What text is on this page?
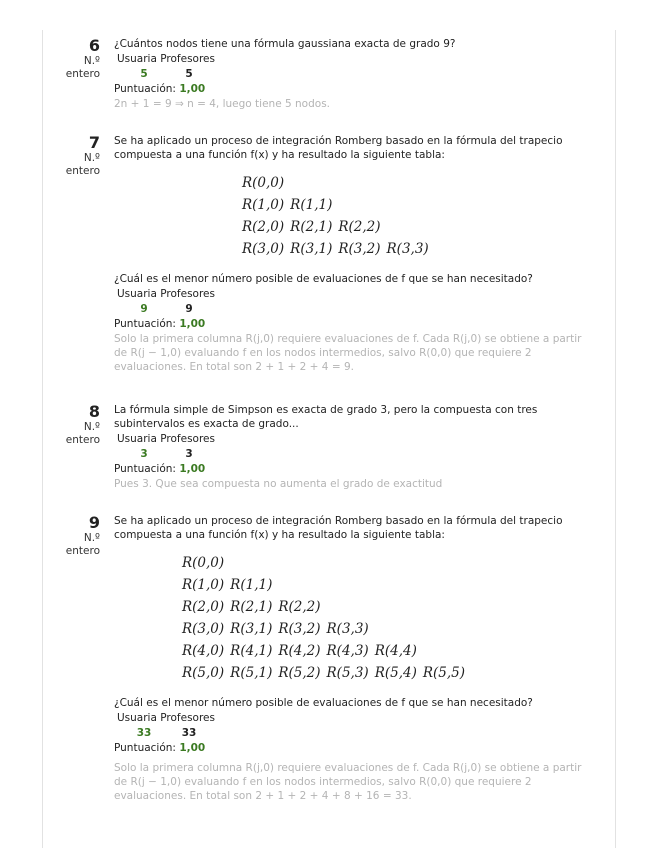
6
N.º entero

¿Cuántos nodos tiene una fórmula gaussiana exacta de grado 9?

Usuaria Profesores
5	5
Puntuación: 1,00
2n + 1 = 9 ⇒ n = 4, luego tiene 5 nodos.
7
N.º entero

Se ha aplicado un proceso de integración Romberg basado en la fórmula del trapecio compuesta a una función f(x) y ha resultado la siguiente tabla:

R(0,0)			
R(1,0)	R(1,1)		
R(2,0)	R(2,1)	R(2,2)	
R(3,0)	R(3,1)	R(3,2)	R(3,3)

¿Cuál es el menor número posible de evaluaciones de f que se han necesitado?

Usuaria Profesores
9	9
Puntuación: 1,00
Solo la primera columna R(j,0) requiere evaluaciones de f. Cada R(j,0) se obtiene a partir de R(j − 1,0) evaluando f en los nodos intermedios, salvo R(0,0) que requiere 2 evaluaciones. En total son 2 + 1 + 2 + 4 = 9.
8
N.º entero

La fórmula simple de Simpson es exacta de grado 3, pero la compuesta con tres subintervalos es exacta de grado...

Usuaria Profesores
3	3
Puntuación: 1,00
Pues 3. Que sea compuesta no aumenta el grado de exactitud
9
N.º entero

Se ha aplicado un proceso de integración Romberg basado en la fórmula del trapecio compuesta a una función f(x) y ha resultado la siguiente tabla:

R(0,0)					
R(1,0)	R(1,1)				
R(2,0)	R(2,1)	R(2,2)			
R(3,0)	R(3,1)	R(3,2)	R(3,3)		
R(4,0)	R(4,1)	R(4,2)	R(4,3)	R(4,4)	
R(5,0)	R(5,1)	R(5,2)	R(5,3)	R(5,4)	R(5,5)

¿Cuál es el menor número posible de evaluaciones de f que se han necesitado?

Usuaria Profesores
33	33
Puntuación: 1,00
Solo la primera columna R(j,0) requiere evaluaciones de f. Cada R(j,0) se obtiene a partir de R(j − 1,0) evaluando f en los nodos intermedios, salvo R(0,0) que requiere 2 evaluaciones. En total son 2 + 1 + 2 + 4 + 8 + 16 = 33.
